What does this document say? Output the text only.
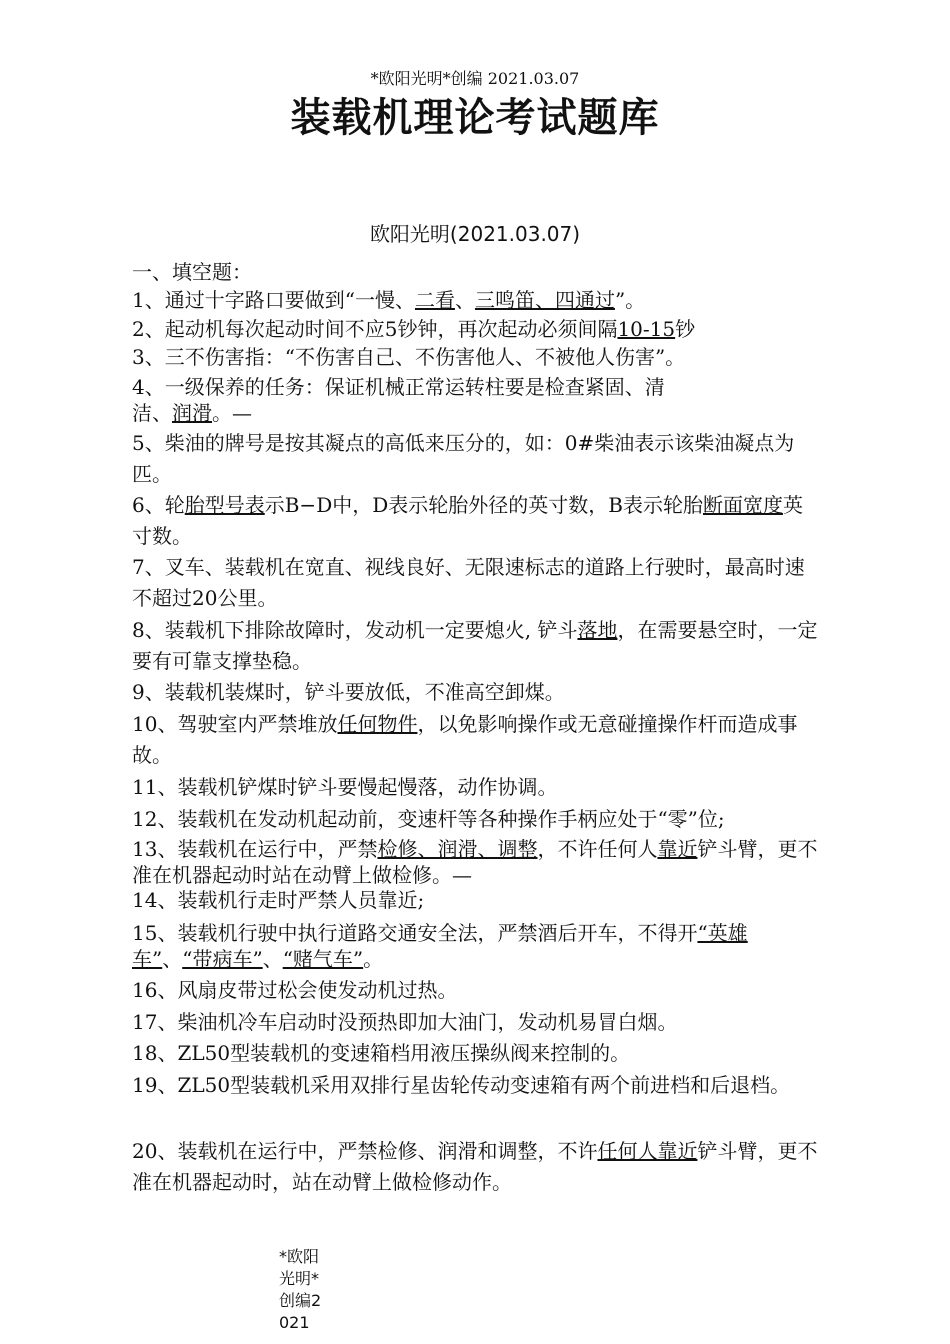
*欧阳光明*创编 2021.03.07
装载机理论考试题库
欧阳光明(2021.03.07)
一、填空题：
1、通过十字路口要做到“一慢、二看、三鸣笛、四通过”。
2、起动机每次起动时间不应5钞钟，再次起动必须间隔10-15钞
3、三不伤害指：“不伤害自己、不伤害他人、不被他人伤害”。
4、一级保养的任务：保证机械正常运转柱要是检查紧固、清
洁、润滑。—
5、柴油的牌号是按其凝点的高低来压分的，如：0#柴油表示该柴油凝点为匹。
6、轮胎型号表示B−D中，D表示轮胎外径的英寸数，B表示轮胎断面宽度英寸数。
7、叉车、装载机在宽直、视线良好、无限速标志的道路上行驶时，最高时速不超过20公里。
8、装载机下排除故障时，发动机一定要熄火, 铲斗落地，在需要悬空时，一定要有可靠支撑垫稳。
9、装载机装煤时，铲斗要放低，不准高空卸煤。
10、驾驶室内严禁堆放任何物件，以免影响操作或无意碰撞操作杆而造成事故。
11、装载机铲煤时铲斗要慢起慢落，动作协调。
12、装载机在发动机起动前，变速杆等各种操作手柄应处于“零”位;
13、装载机在运行中，严禁检修、润滑、调整，不许任何人靠近铲斗臂，更不准在机器起动时站在动臂上做检修。—
14、装载机行走时严禁人员靠近;
15、装载机行驶中执行道路交通安全法，严禁酒后开车，不得开“英雄车”、“带病车”、“赌气车”。
16、风扇皮带过松会使发动机过热。
17、柴油机冷车启动时没预热即加大油门，发动机易冒白烟。
18、ZL50型装载机的变速箱档用液压操纵阀来控制的。
19、ZL50型装载机采用双排行星齿轮传动变速箱有两个前进档和后退档。
20、装载机在运行中，严禁检修、润滑和调整，不许任何人靠近铲斗臂，更不准在机器起动时，站在动臂上做检修动作。
*欧阳光明*创编2021
